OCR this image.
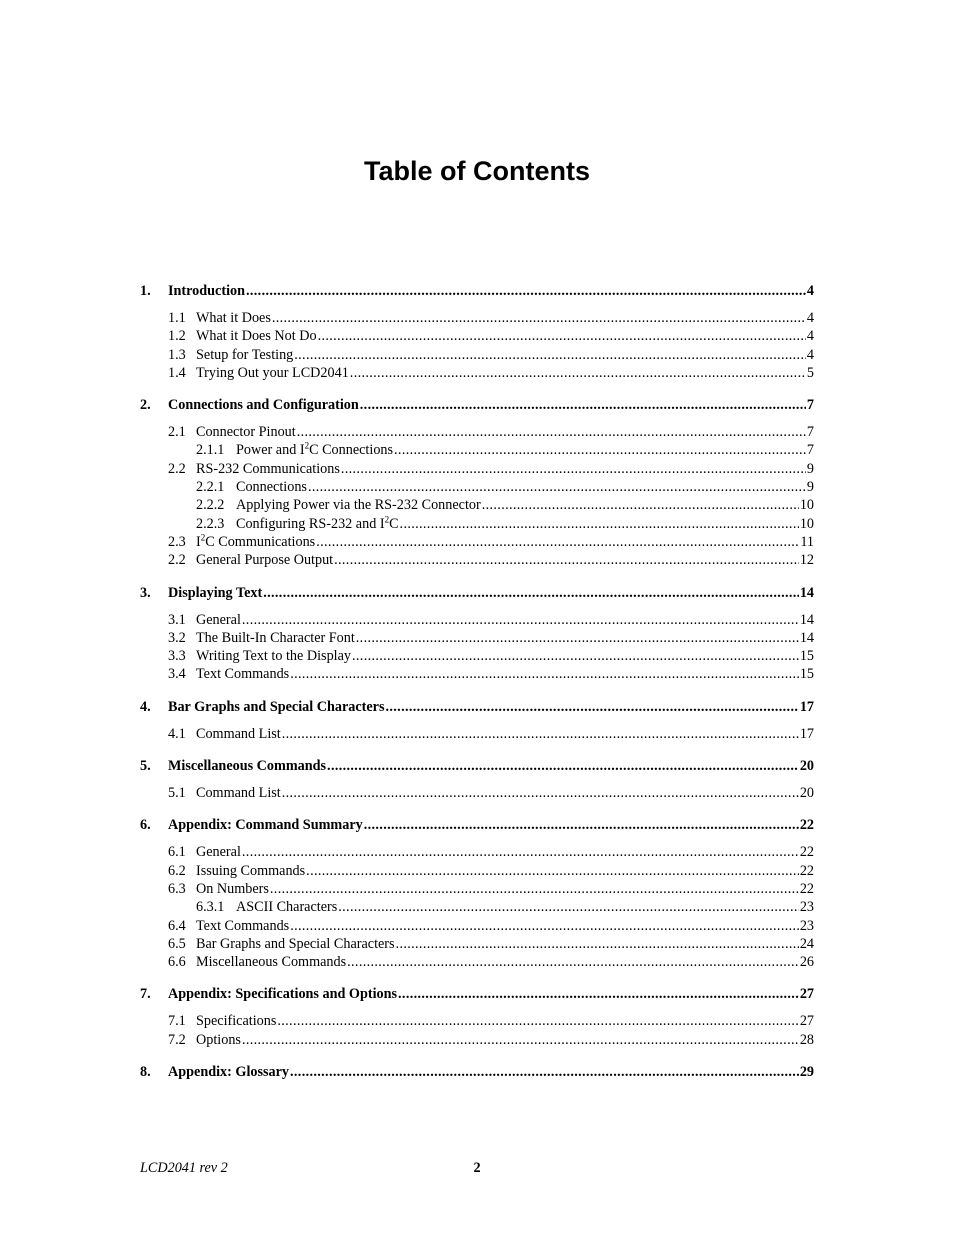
Table of Contents
1.	Introduction . . .	4
1.1 What it Does . . .	4
1.2 What it Does Not Do . . .	4
1.3 Setup for Testing . . .	4
1.4 Trying Out your LCD2041 . . .	5
2.	Connections and Configuration . . .	7
2.1 Connector Pinout . . .	7
2.1.1 Power and $I^2C$ Connections . . .	7
2.2 RS-232 Communications . . .	9
2.2.1 Connections . . .	9
2.2.2 Applying Power via the RS-232 Connector . . .	10
2.2.3 Configuring RS-232 and $I^2C$ . . .	10
2.3 $I^2C$ Communications . . .	11
2.2 General Purpose Output . . .	12
3.	Displaying Text . . .	14
3.1 General . . .	14
3.2 The Built-In Character Font . . .	14
3.3 Writing Text to the Display . . .	15
3.4 Text Commands . . .	15
4.	Bar Graphs and Special Characters . . .	17
4.1 Command List . . .	17
5.	Miscellaneous Commands . . .	20
5.1 Command List . . .	20
6.	Appendix: Command Summary . . .	22
6.1 General . . .	22
6.2 Issuing Commands . . .	22
6.3 On Numbers . . .	22
6.3.1 ASCII Characters . . .	23
6.4 Text Commands . . .	23
6.5 Bar Graphs and Special Characters . . .	24
6.6 Miscellaneous Commands . . .	26
7.	Appendix: Specifications and Options . . .	27
7.1 Specifications . . .	27
7.2 Options . . .	28
8.	Appendix: Glossary . . .	29
LCD2041 rev 2	2
